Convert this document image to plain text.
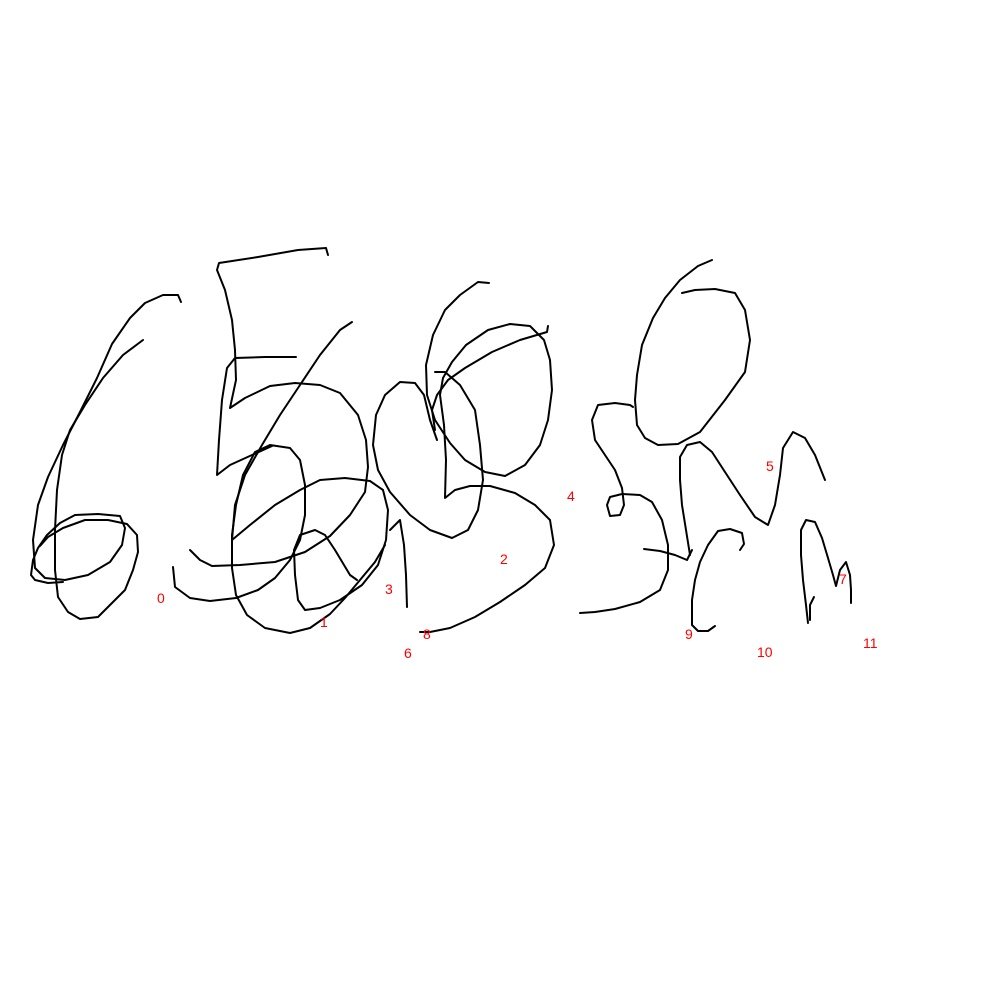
0
1
2
3
4
5
6
7
8	9
10
11
